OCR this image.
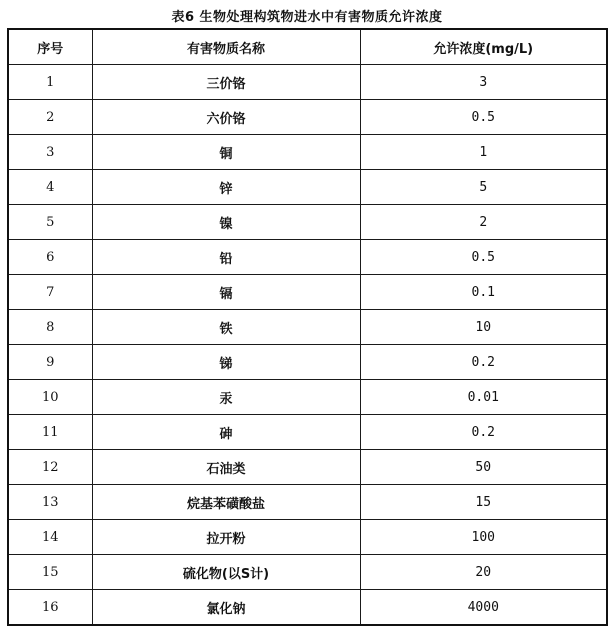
表6 生物处理构筑物进水中有害物质允许浓度
序号	有害物质名称	允许浓度(mg/L)
1	三价铬	3
2	六价铬	0.5
3	铜	1
4	锌	5
5	镍	2
6	铅	0.5
7	镉	0.1
8	铁	10
9	锑	0.2
10	汞	0.01
11	砷	0.2
12	石油类	50
13	烷基苯磺酸盐	15
14	拉开粉	100
15	硫化物(以S计)	20
16	氯化钠	4000
